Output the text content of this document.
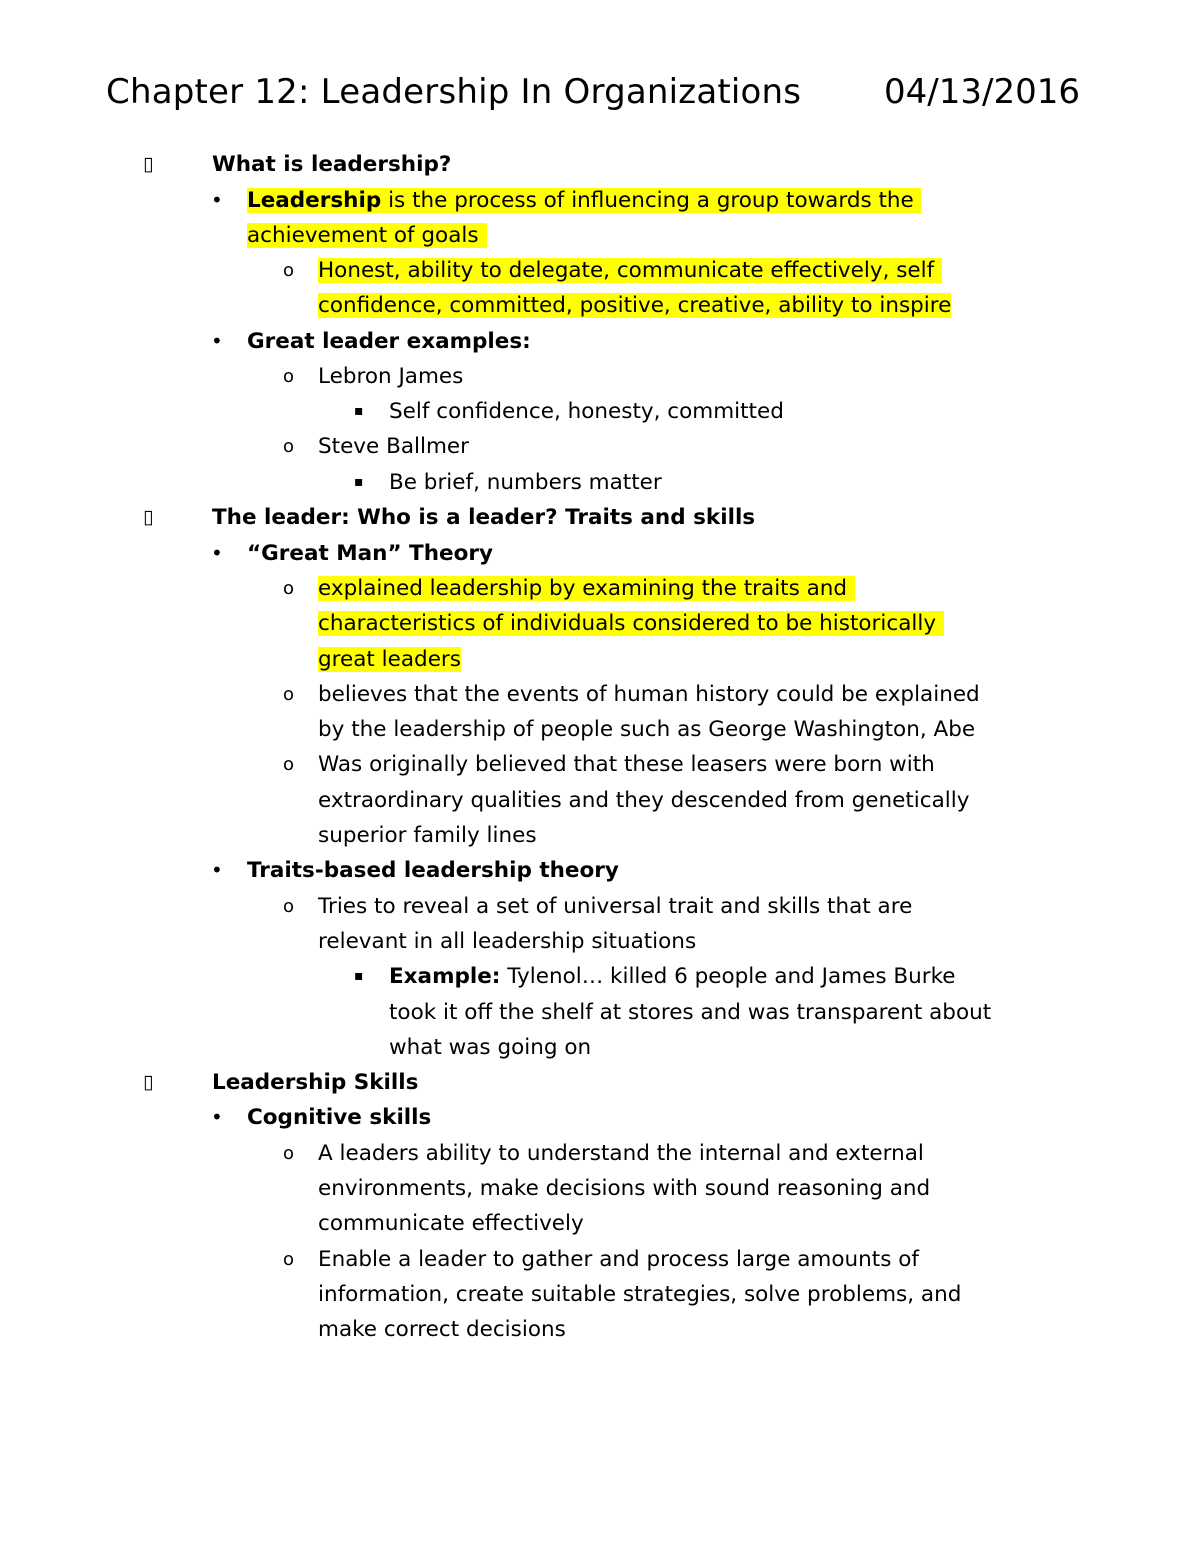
Chapter 12: Leadership In Organizations 04/13/2016
▯	What is leadership?
• Leadership is the process of influencing a group towards the
achievement of goals
o Honest, ability to delegate, communicate effectively, self
confidence, committed, positive, creative, ability to inspire
• Great leader examples:
o Lebron James
▪ Self confidence, honesty, committed
o Steve Ballmer
▪ Be brief, numbers matter
▯	The leader: Who is a leader? Traits and skills
• “Great Man” Theory
o explained leadership by examining the traits and
characteristics of individuals considered to be historically
great leaders
o believes that the events of human history could be explained
by the leadership of people such as George Washington, Abe
o Was originally believed that these leasers were born with
extraordinary qualities and they descended from genetically
superior family lines
• Traits-based leadership theory
o Tries to reveal a set of universal trait and skills that are
relevant in all leadership situations
▪ Example: Tylenol… killed 6 people and James Burke
took it off the shelf at stores and was transparent about
what was going on
▯	Leadership Skills
• Cognitive skills
o A leaders ability to understand the internal and external
environments, make decisions with sound reasoning and
communicate effectively
o Enable a leader to gather and process large amounts of
information, create suitable strategies, solve problems, and
make correct decisions
